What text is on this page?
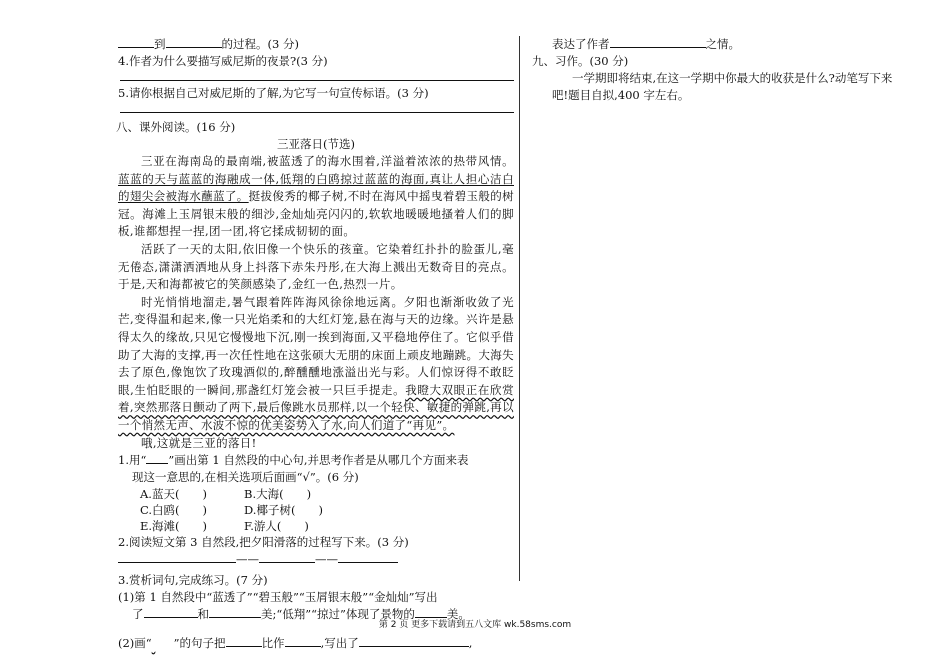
到	的过程。(3 分)
4.作者为什么要描写威尼斯的夜景?(3 分)
5.请你根据自己对威尼斯的了解,为它写一句宣传标语。(3 分)
八、课外阅读。(16 分)
三亚落日(节选)
三亚在海南岛的最南端,被蓝透了的海水围着,洋溢着浓浓的热带风情。蓝蓝的天与蓝蓝的海融成一体,低翔的白鸥掠过蓝蓝的海面,真让人担心洁白的翅尖会被海水蘸蓝了。挺拔俊秀的椰子树,不时在海风中摇曳着碧玉般的树冠。海滩上玉屑银末般的细沙,金灿灿亮闪闪的,软软地暖暖地搔着人们的脚板,谁都想捏一捏,团一团,将它揉成韧韧的面。
活跃了一天的太阳,依旧像一个快乐的孩童。它染着红扑扑的脸蛋儿,毫无倦态,潇潇洒洒地从身上抖落下赤朱丹彤,在大海上溅出无数奇目的亮点。于是,天和海都被它的笑颜感染了,金红一色,热烈一片。
时光悄悄地溜走,暑气跟着阵阵海风徐徐地远离。夕阳也渐渐收敛了光芒,变得温和起来,像一只光焰柔和的大红灯笼,悬在海与天的边缘。兴许是悬得太久的缘故,只见它慢慢地下沉,刚一挨到海面,又平稳地停住了。它似乎借助了大海的支撑,再一次任性地在这张硕大无朋的床面上顽皮地蹦跳。大海失去了原色,像饱饮了玫瑰酒似的,醉醺醺地涨溢出光与彩。人们惊讶得不敢眨眼,生怕眨眼的一瞬间,那盏红灯笼会被一只巨手提走。我瞪大双眼正在欣赏着,突然那落日颤动了两下,最后像跳水员那样,以一个轻快、敏捷的弹跳,再以一个悄然无声、水波不惊的优美姿势入了水,向人们道了“再见”。
哦,这就是三亚的落日!
1.用“ ”画出第 1 自然段的中心句,并思考作者是从哪几个方面来表
现这一意思的,在相关选项后面画“√”。(6 分)
A.蓝天(　　)	B.大海(　　)
C.白鸥(　　)	D.椰子树(　　)
E.海滩(　　)	F.游人(　　)
2.阅读短文第 3 自然段,把夕阳滑落的过程写下来。(3 分)
——	——
3.赏析词句,完成练习。(7 分)
(1)第 1 自然段中“蓝透了”“碧玉般”“玉屑银末般”“金灿灿”写出
了	和	美;“低翔”“掠过”体现了景物的	美。
(2)画“ ”的句子把	比作	,写出了	,
表达了作者	之情。
九、习作。(30 分)
一学期即将结束,在这一学期中你最大的收获是什么?动笔写下来
吧!题目自拟,400 字左右。
第 2 页 更多下载请到五八文库 wk.58sms.com
